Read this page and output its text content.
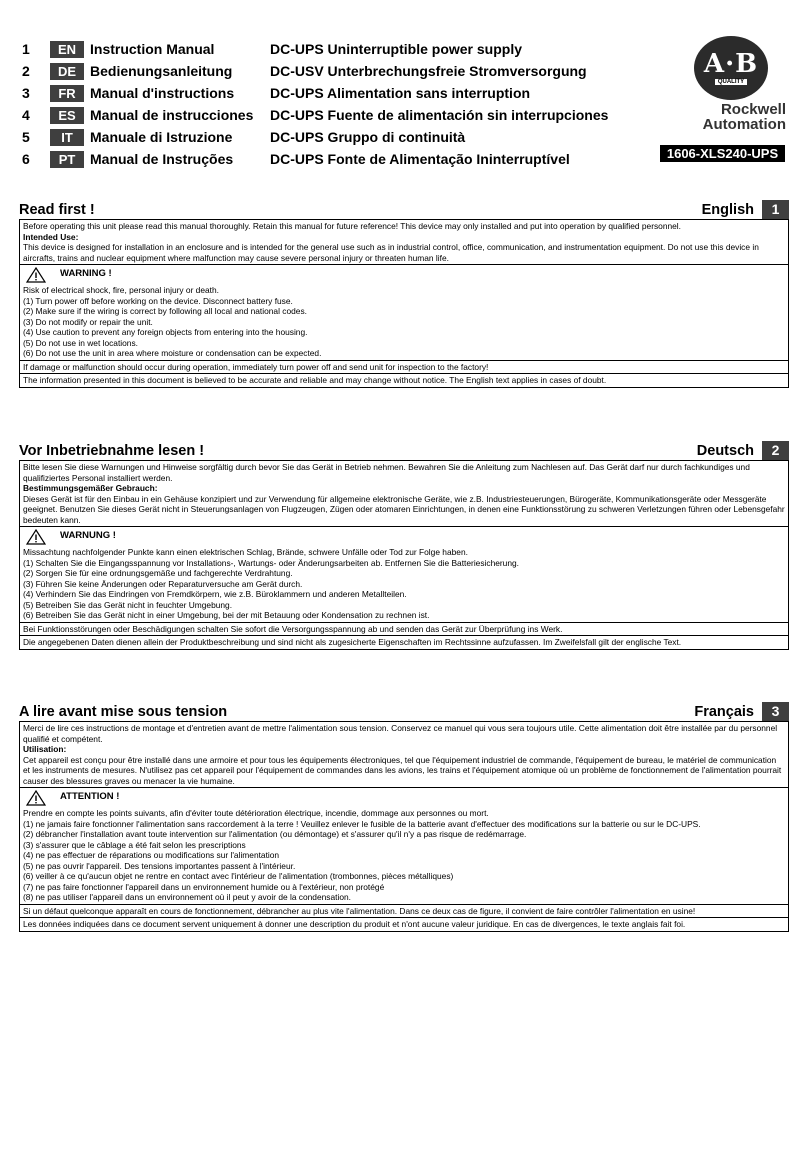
1	EN Instruction Manual	DC-UPS Uninterruptible power supply
2	DE Bedienungsanleitung	DC-USV Unterbrechungsfreie Stromversorgung
3	FR	Manual d'instructions	DC-UPS Alimentation sans interruption
4	ES	Manual de instrucciones	DC-UPS Fuente de alimentación sin interrupciones
5	IT	Manuale di Istruzione	DC-UPS Gruppo di continuità
6	PT	Manual de Instruções	DC-UPS Fonte de Alimentação Ininterruptível
A·B
QUALITY
Rockwell
Automation
1606-XLS240-UPS
Read first !	English	1

Before operating this unit please read this manual thoroughly. Retain this manual for future reference! This device may only installed and put into operation by qualified personnel.

Intended Use:

This device is designed for installation in an enclosure and is intended for the general use such as in industrial control, office, communication, and instrumentation equipment. Do not use this device in aircrafts, trains and nuclear equipment where malfunction may cause severe personal injury or threaten human life.

WARNING !

Risk of electrical shock, fire, personal injury or death.

(1) Turn power off before working on the device. Disconnect battery fuse.

(2) Make sure if the wiring is correct by following all local and national codes.

(3) Do not modify or repair the unit.

(4) Use caution to prevent any foreign objects from entering into the housing.

(5) Do not use in wet locations.

(6) Do not use the unit in area where moisture or condensation can be expected.

If damage or malfunction should occur during operation, immediately turn power off and send unit for inspection to the factory!

The information presented in this document is believed to be accurate and reliable and may change without notice. The English text applies in cases of doubt.

Vor Inbetriebnahme lesen !	Deutsch	2

Bitte lesen Sie diese Warnungen und Hinweise sorgfältig durch bevor Sie das Gerät in Betrieb nehmen. Bewahren Sie die Anleitung zum Nachlesen auf. Das Gerät darf nur durch fachkundiges und qualifiziertes Personal installiert werden.

Bestimmungsgemäßer Gebrauch:

Dieses Gerät ist für den Einbau in ein Gehäuse konzipiert und zur Verwendung für allgemeine elektronische Geräte, wie z.B. Industriesteuerungen, Bürogeräte, Kommunikationsgeräte oder Messgeräte geeignet. Benutzen Sie dieses Gerät nicht in Steuerungsanlagen von Flugzeugen, Zügen oder atomaren Einrichtungen, in denen eine Funktionsstörung zu schweren Verletzungen führen oder Lebensgefahr bedeuten kann.

WARNUNG !

Missachtung nachfolgender Punkte kann einen elektrischen Schlag, Brände, schwere Unfälle oder Tod zur Folge haben.

(1) Schalten Sie die Eingangsspannung vor Installations-, Wartungs- oder Änderungsarbeiten ab. Entfernen Sie die Batteriesicherung.

(2) Sorgen Sie für eine ordnungsgemäße und fachgerechte Verdrahtung.

(3) Führen Sie keine Änderungen oder Reparaturversuche am Gerät durch.

(4) Verhindern Sie das Eindringen von Fremdkörpern, wie z.B. Büroklammern und anderen Metallteilen.

(5) Betreiben Sie das Gerät nicht in feuchter Umgebung.

(6) Betreiben Sie das Gerät nicht in einer Umgebung, bei der mit Betauung oder Kondensation zu rechnen ist.

Bei Funktionsstörungen oder Beschädigungen schalten Sie sofort die Versorgungsspannung ab und senden das Gerät zur Überprüfung ins Werk.

Die angegebenen Daten dienen allein der Produktbeschreibung und sind nicht als zugesicherte Eigenschaften im Rechtssinne aufzufassen. Im Zweifelsfall gilt der englische Text.

A lire avant mise sous tension	Français	3

Merci de lire ces instructions de montage et d'entretien avant de mettre l'alimentation sous tension. Conservez ce manuel qui vous sera toujours utile. Cette alimentation doit être installée par du personnel qualifié et compétent.

Utilisation:

Cet appareil est conçu pour être installé dans une armoire et pour tous les équipements électroniques, tel que l'équipement industriel de commande, l'équipement de bureau, le matériel de communication et les instruments de mesures. N'utilisez pas cet appareil pour l'équipement de commandes dans les avions, les trains et l'équipement atomique où un problème de fonctionnement de l'alimentation pourrait causer des blessures graves ou menacer la vie humaine.

ATTENTION !

Prendre en compte les points suivants, afin d'éviter toute détérioration électrique, incendie, dommage aux personnes ou mort.

(1) ne jamais faire fonctionner l'alimentation sans raccordement à la terre ! Veuillez enlever le fusible de la batterie avant d'effectuer des modifications sur la batterie ou sur le DC-UPS.

(2) débrancher l'installation avant toute intervention sur l'alimentation (ou démontage) et s'assurer qu'il n'y a pas risque de redémarrage.

(3) s'assurer que le câblage a été fait selon les prescriptions

(4) ne pas effectuer de réparations ou modifications sur l'alimentation

(5) ne pas ouvrir l'appareil. Des tensions importantes passent à l'intérieur.

(6) veiller à ce qu'aucun objet ne rentre en contact avec l'intérieur de l'alimentation (trombonnes, pièces métalliques)

(7) ne pas faire fonctionner l'appareil dans un environnement humide ou à l'extérieur, non protégé

(8) ne pas utiliser l'appareil dans un environnement où il peut y avoir de la condensation.

Si un défaut quelconque apparaît en cours de fonctionnement, débrancher au plus vite l'alimentation. Dans ce deux cas de figure, il convient de faire contrôler l'alimentation en usine!

Les données indiquées dans ce document servent uniquement à donner une description du produit et n'ont aucune valeur juridique. En cas de divergences, le texte anglais fait foi.
